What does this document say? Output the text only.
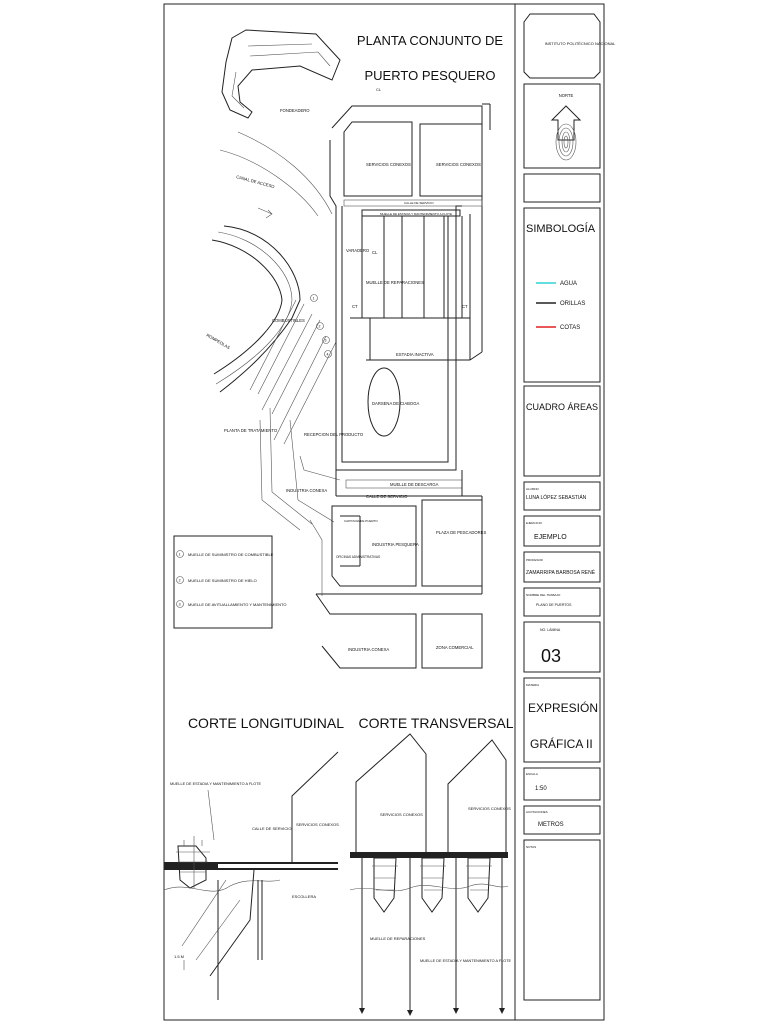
INSTITUTO POLITÉCNICO NACIONAL
NORTE
SIMBOLOGÍA
AGUA
ORILLAS
COTAS
CUADRO ÁREAS
ALUMNO
LUNA LÓPEZ SEBASTIÁN
EJERCICIO
EJEMPLO
PROFESOR
ZAMARRIPA BARBOSA RENÉ
NOMBRE DEL TRABAJO
PLANO DE PUERTOS
NO. LÁMINA
03
MATERIA
EXPRESIÓN
GRÁFICA II
ESCALA
1:50
ACOTACIONES
METROS
NOTAS
PLANTA CONJUNTO DE
PUERTO PESQUERO
CL
FONDEADERO
CANAL DE ACCESO
ROMPEOLAS
COMBUSTIBLES
1
2
3
4
PLANTA DE TRATAMIENTO
RECEPCION DEL PRODUCTO
INDUSTRIA CONEXA
SERVICIOS CONEXOS	SERVICIOS CONEXOS
CALLE DE SERVICIO
MUELLE DE ESTADIA Y MANTENIMIENTO A FLOTE
VARADERO CL
MUELLE DE REPARACIONES
CT	CT
ESTADIA INACTIVA
DARSENA DE CIABOGA
MUELLE DE DESCARGA
CALLE DE SERVICIO
CAPITANIA DE PUERTO
OFICINAS ADMINISTRATIVAS
INDUSTRIA PESQUERA
PLAZA DE PESCADORES
INDUSTRIA CONEXA	ZONA COMERCIAL
1 MUELLE DE SUMINISTRO DE COMBUSTIBLE
2 MUELLE DE SUMINISTRO DE HIELO
3 MUELLE DE AVITUALLAMIENTO Y MANTENIMIENTO
CORTE LONGITUDINAL
MUELLE DE ESTADIA Y MANTENIMIENTO A FLOTE
CALLE DE SERVICIO
SERVICIOS CONEXOS
ESCOLLERA
1.5 M
CORTE TRANSVERSAL
SERVICIOS CONEXOS
SERVICIOS CONEXOS
MUELLE DE REPARACIONES
MUELLE DE ESTADIA Y MANTENIMIENTO A FLOTE
